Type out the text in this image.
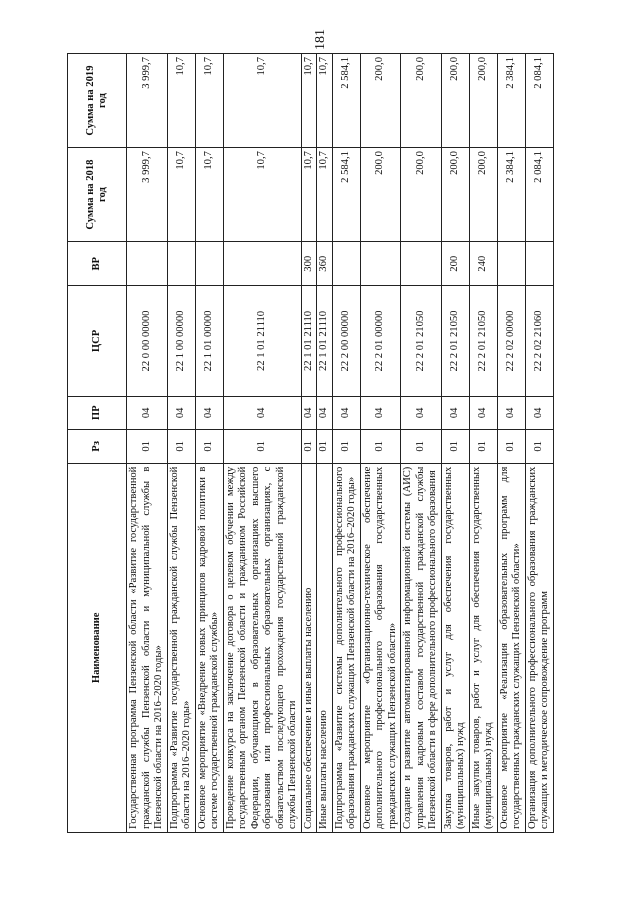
181
Наименование	Рз	ПР	ЦСР	ВР	Сумма на 2018 год	Сумма на 2019 год
Государственная программа Пензенской области «Развитие государственной гражданской службы Пензенской области и муниципальной службы в Пензенской области на 2016–2020 годы»	01	04	22 0 00 00000		3 999,7	3 999,7
Подпрограмма «Развитие государственной гражданской службы Пензенской области на 2016–2020 годы»	01	04	22 1 00 00000		10,7	10,7
Основное мероприятие «Внедрение новых принципов кадровой политики в системе государственной гражданской службы»	01	04	22 1 01 00000		10,7	10,7
Проведение конкурса на заключение договора о целевом обучении между государственным органом Пензенской области и гражданином Российской Федерации, обучающимся в образовательных организациях высшего образования или профессиональных образовательных организациях, с обязательством последующего прохождения государственной гражданской службы Пензенской области	01	04	22 1 01 21110		10,7	10,7
Социальное обеспечение и иные выплаты населению	01	04	22 1 01 21110	300	10,7	10,7
Иные выплаты населению	01	04	22 1 01 21110	360	10,7	10,7
Подпрограмма «Развитие системы дополнительного профессионального образования гражданских служащих Пензенской области на 2016–2020 годы»	01	04	22 2 00 00000		2 584,1	2 584,1
Основное мероприятие «Организационно-техническое обеспечение дополнительного профессионального образования государственных гражданских служащих Пензенской области»	01	04	22 2 01 00000		200,0	200,0
Создание и развитие автоматизированной информационной системы (АИС) управления кадровым составом государственной гражданской службы Пензенской области в сфере дополнительного профессионального образования	01	04	22 2 01 21050		200,0	200,0
Закупка товаров, работ и услуг для обеспечения государственных (муниципальных) нужд	01	04	22 2 01 21050	200	200,0	200,0
Иные закупки товаров, работ и услуг для обеспечения государственных (муниципальных) нужд	01	04	22 2 01 21050	240	200,0	200,0
Основное мероприятие «Реализация образовательных программ для государственных гражданских служащих Пензенской области»	01	04	22 2 02 00000		2 384,1	2 384,1
Организация дополнительного профессионального образования гражданских служащих и методическое сопровождение программ	01	04	22 2 02 21060		2 084,1	2 084,1
